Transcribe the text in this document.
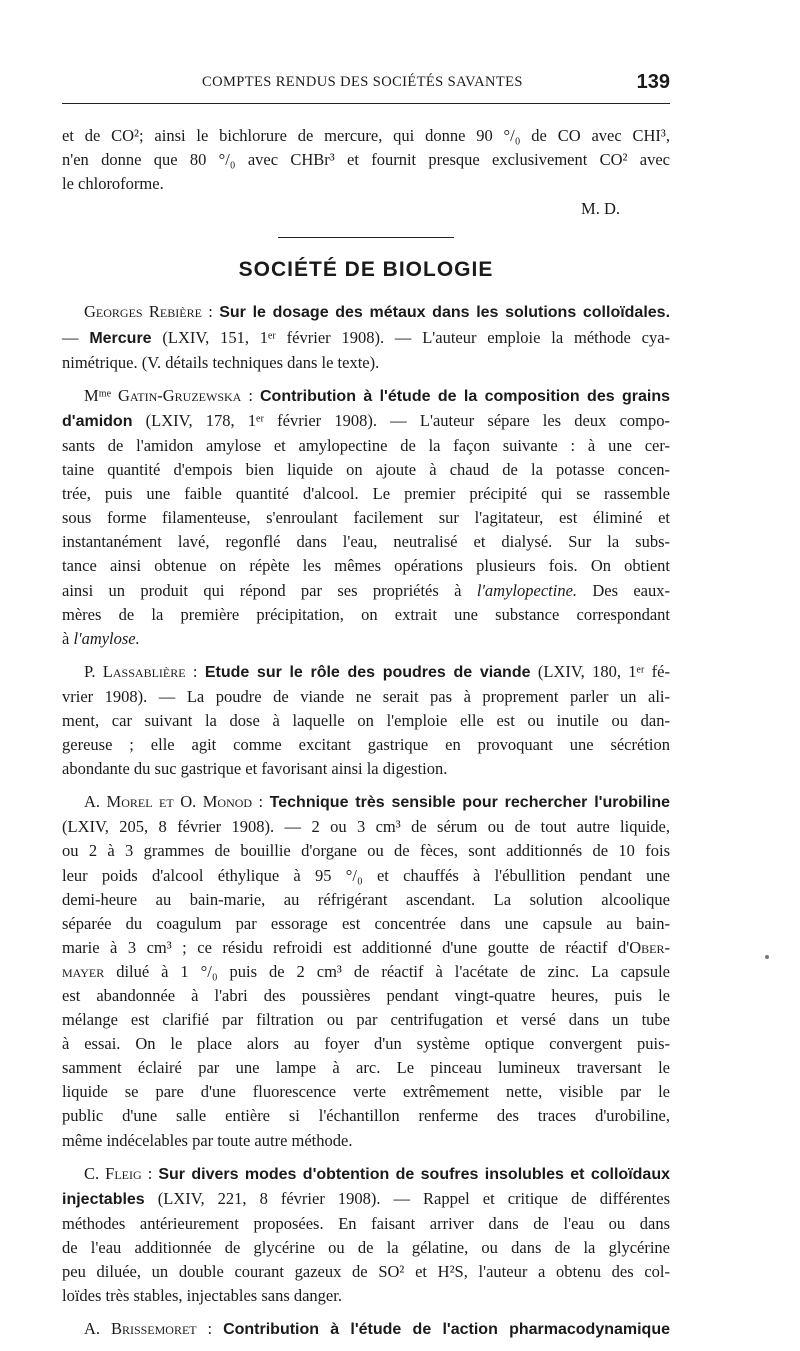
COMPTES RENDUS DES SOCIÉTÉS SAVANTES	139
et de CO²; ainsi le bichlorure de mercure, qui donne 90 °/₀ de CO avec CHI³,
n'en donne que 80 °/₀ avec CHBr³ et fournit presque exclusivement CO² avec
le chloroforme.
M. D.
SOCIÉTÉ DE BIOLOGIE
Georges Rebière : Sur le dosage des métaux dans les solutions colloïdales.
— Mercure (LXIV, 151, 1ᵉʳ février 1908). — L'auteur emploie la méthode cya-
nimétrique. (V. détails techniques dans le texte).
Mᵐᵉ Gatin-Gruzewska : Contribution à l'étude de la composition des grains
d'amidon (LXIV, 178, 1ᵉʳ février 1908). — L'auteur sépare les deux compo-
sants de l'amidon amylose et amylopectine de la façon suivante : à une cer-
taine quantité d'empois bien liquide on ajoute à chaud de la potasse concen-
trée, puis une faible quantité d'alcool. Le premier précipité qui se rassemble
sous forme filamenteuse, s'enroulant facilement sur l'agitateur, est éliminé et
instantanément lavé, regonflé dans l'eau, neutralisé et dialysé. Sur la subs-
tance ainsi obtenue on répète les mêmes opérations plusieurs fois. On obtient
ainsi un produit qui répond par ses propriétés à l'amylopectine. Des eaux-
mères de la première précipitation, on extrait une substance correspondant
à l'amylose.
P. Lassablière : Etude sur le rôle des poudres de viande (LXIV, 180, 1ᵉʳ fé-
vrier 1908). — La poudre de viande ne serait pas à proprement parler un ali-
ment, car suivant la dose à laquelle on l'emploie elle est ou inutile ou dan-
gereuse ; elle agit comme excitant gastrique en provoquant une sécrétion
abondante du suc gastrique et favorisant ainsi la digestion.
A. Morel et O. Monod : Technique très sensible pour rechercher l'urobiline
(LXIV, 205, 8 février 1908). — 2 ou 3 cm³ de sérum ou de tout autre liquide,
ou 2 à 3 grammes de bouillie d'organe ou de fèces, sont additionnés de 10 fois
leur poids d'alcool éthylique à 95 °/₀ et chauffés à l'ébullition pendant une
demi-heure au bain-marie, au réfrigérant ascendant. La solution alcoolique
séparée du coagulum par essorage est concentrée dans une capsule au bain-
marie à 3 cm³ ; ce résidu refroidi est additionné d'une goutte de réactif d'Ober-
mayer dilué à 1 °/₀ puis de 2 cm³ de réactif à l'acétate de zinc. La capsule
est abandonnée à l'abri des poussières pendant vingt-quatre heures, puis le
mélange est clarifié par filtration ou par centrifugation et versé dans un tube
à essai. On le place alors au foyer d'un système optique convergent puis-
samment éclairé par une lampe à arc. Le pinceau lumineux traversant le
liquide se pare d'une fluorescence verte extrêmement nette, visible par le
public d'une salle entière si l'échantillon renferme des traces d'urobiline,
même indécelables par toute autre méthode.
C. Fleig : Sur divers modes d'obtention de soufres insolubles et colloïdaux
injectables (LXIV, 221, 8 février 1908). — Rappel et critique de différentes
méthodes antérieurement proposées. En faisant arriver dans de l'eau ou dans
de l'eau additionnée de glycérine ou de la gélatine, ou dans de la glycérine
peu diluée, un double courant gazeux de SO² et H²S, l'auteur a obtenu des col-
loïdes très stables, injectables sans danger.
A. Brissemoret : Contribution à l'étude de l'action pharmacodynamique
